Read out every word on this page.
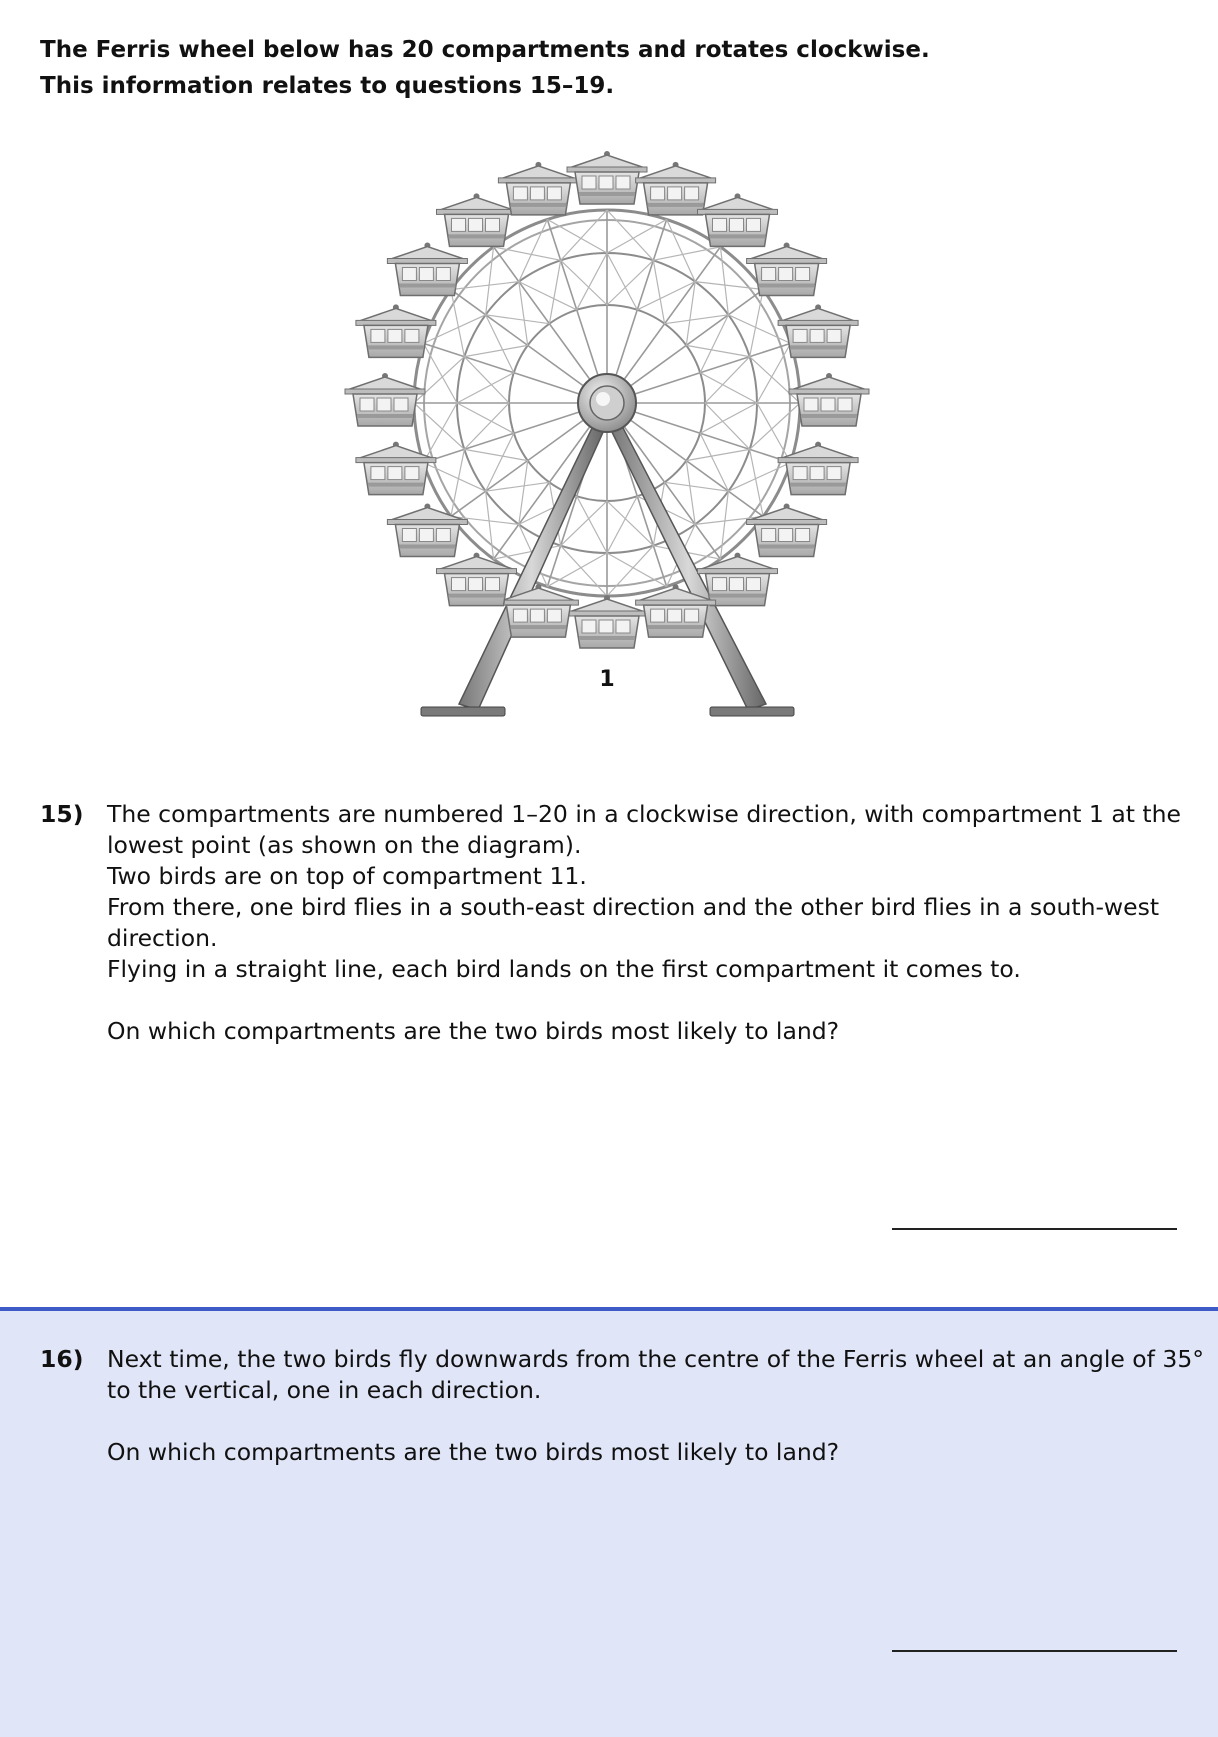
The Ferris wheel below has 20 compartments and rotates clockwise.

This information relates to questions 15–19.

1
15) The compartments are numbered 1–20 in a clockwise direction, with compartment 1 at the lowest point (as shown on the diagram).

Two birds are on top of compartment 11.

From there, one bird flies in a south-east direction and the other bird flies in a south-west direction.

Flying in a straight line, each bird lands on the first compartment it comes to.

On which compartments are the two birds most likely to land?

16) Next time, the two birds fly downwards from the centre of the Ferris wheel at an angle of 35° to the vertical, one in each direction.

On which compartments are the two birds most likely to land?
